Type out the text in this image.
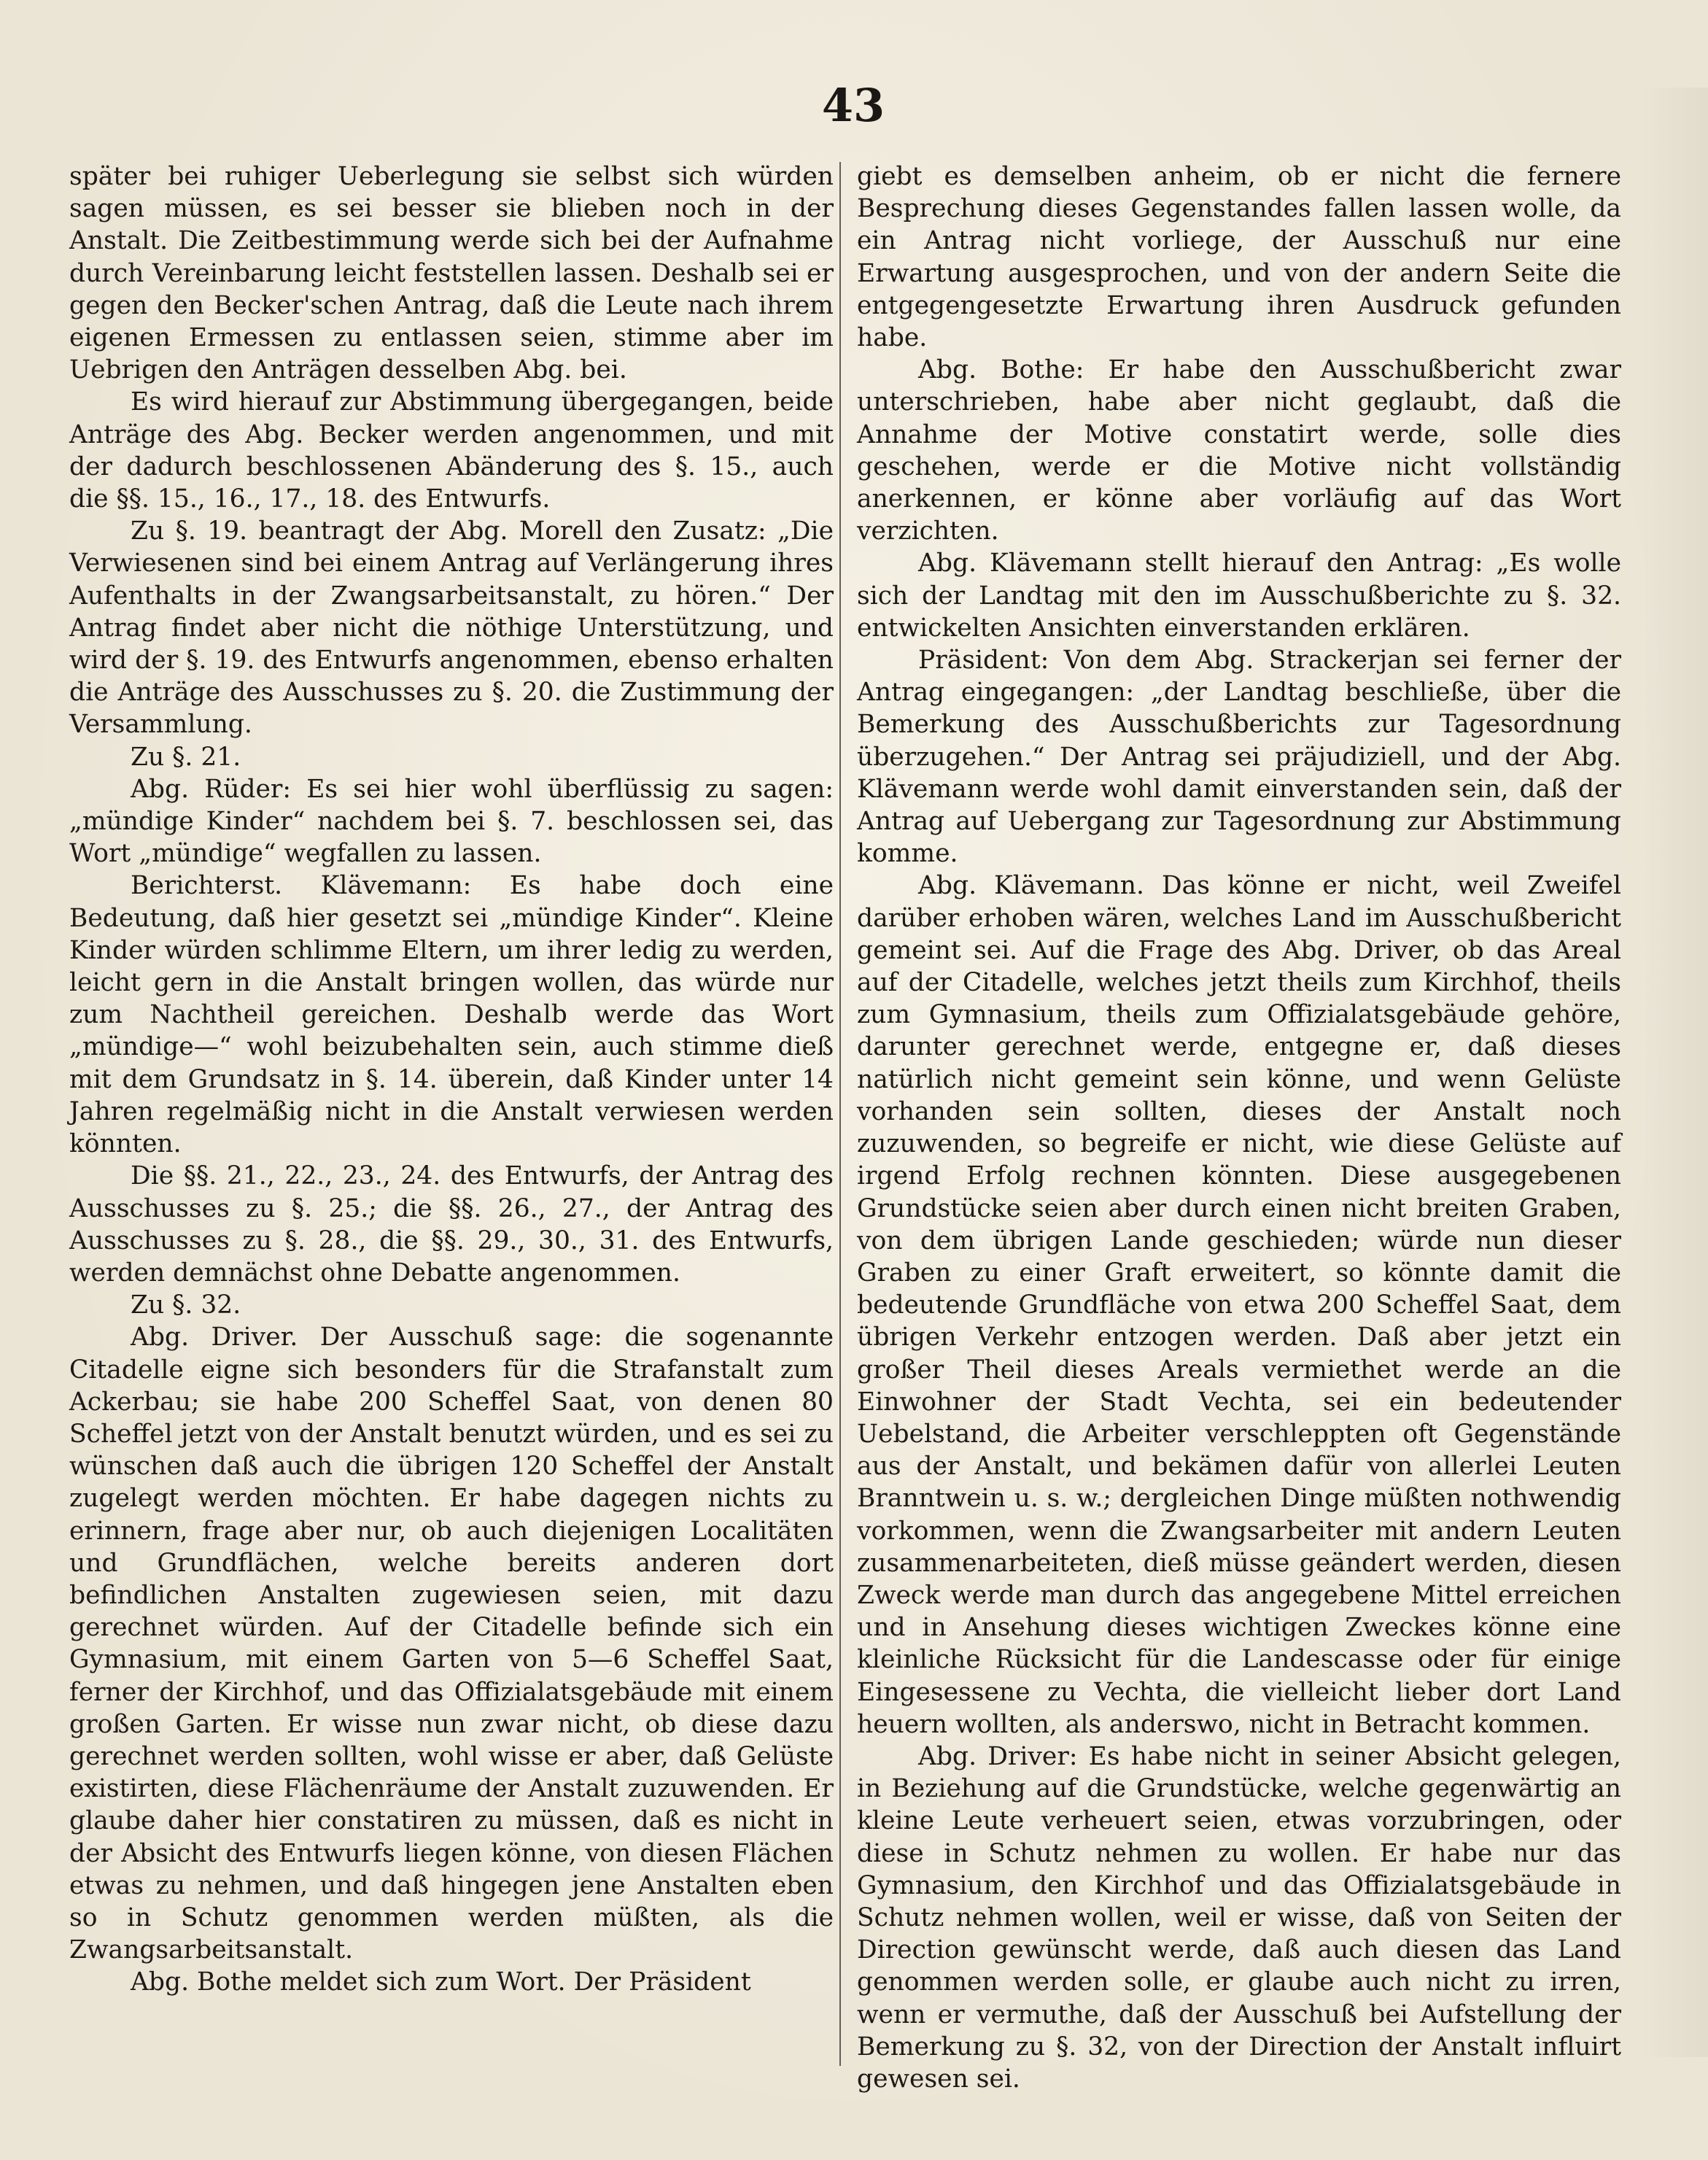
43

später bei ruhiger Ueberlegung sie selbst sich würden sagen müssen, es sei besser sie blieben noch in der Anstalt. Die Zeitbestimmung werde sich bei der Aufnahme durch Vereinbarung leicht feststellen lassen. Deshalb sei er gegen den Becker'schen Antrag, daß die Leute nach ihrem eigenen Ermessen zu entlassen seien, stimme aber im Uebrigen den Anträgen desselben Abg. bei.

Es wird hierauf zur Abstimmung übergegangen, beide Anträge des Abg. Becker werden angenommen, und mit der dadurch beschlossenen Abänderung des §. 15., auch die §§. 15., 16., 17., 18. des Entwurfs.

Zu §. 19. beantragt der Abg. Morell den Zusatz: „Die Verwiesenen sind bei einem Antrag auf Verlängerung ihres Aufenthalts in der Zwangsarbeitsanstalt, zu hören.“ Der Antrag findet aber nicht die nöthige Unterstützung, und wird der §. 19. des Entwurfs angenommen, ebenso erhalten die Anträge des Ausschusses zu §. 20. die Zustimmung der Versammlung.

Zu §. 21.

Abg. Rüder: Es sei hier wohl überflüssig zu sagen: „mündige Kinder“ nachdem bei §. 7. beschlossen sei, das Wort „mündige“ wegfallen zu lassen.

Berichterst. Klävemann: Es habe doch eine Bedeutung, daß hier gesetzt sei „mündige Kinder“. Kleine Kinder würden schlimme Eltern, um ihrer ledig zu werden, leicht gern in die Anstalt bringen wollen, das würde nur zum Nachtheil gereichen. Deshalb werde das Wort „mündige—“ wohl beizubehalten sein, auch stimme dieß mit dem Grundsatz in §. 14. überein, daß Kinder unter 14 Jahren regelmäßig nicht in die Anstalt verwiesen werden könnten.

Die §§. 21., 22., 23., 24. des Entwurfs, der Antrag des Ausschusses zu §. 25.; die §§. 26., 27., der Antrag des Ausschusses zu §. 28., die §§. 29., 30., 31. des Entwurfs, werden demnächst ohne Debatte angenommen.

Zu §. 32.

Abg. Driver. Der Ausschuß sage: die sogenannte Citadelle eigne sich besonders für die Strafanstalt zum Ackerbau; sie habe 200 Scheffel Saat, von denen 80 Scheffel jetzt von der Anstalt benutzt würden, und es sei zu wünschen daß auch die übrigen 120 Scheffel der Anstalt zugelegt werden möchten. Er habe dagegen nichts zu erinnern, frage aber nur, ob auch diejenigen Localitäten und Grundflächen, welche bereits anderen dort befindlichen Anstalten zugewiesen seien, mit dazu gerechnet würden. Auf der Citadelle befinde sich ein Gymnasium, mit einem Garten von 5—6 Scheffel Saat, ferner der Kirchhof, und das Offizialatsgebäude mit einem großen Garten. Er wisse nun zwar nicht, ob diese dazu gerechnet werden sollten, wohl wisse er aber, daß Gelüste existirten, diese Flächenräume der Anstalt zuzuwenden. Er glaube daher hier constatiren zu müssen, daß es nicht in der Absicht des Entwurfs liegen könne, von diesen Flächen etwas zu nehmen, und daß hingegen jene Anstalten eben so in Schutz genommen werden müßten, als die Zwangsarbeitsanstalt.

Abg. Bothe meldet sich zum Wort. Der Präsident

giebt es demselben anheim, ob er nicht die fernere Besprechung dieses Gegenstandes fallen lassen wolle, da ein Antrag nicht vorliege, der Ausschuß nur eine Erwartung ausgesprochen, und von der andern Seite die entgegengesetzte Erwartung ihren Ausdruck gefunden habe.

Abg. Bothe: Er habe den Ausschußbericht zwar unterschrieben, habe aber nicht geglaubt, daß die Annahme der Motive constatirt werde, solle dies geschehen, werde er die Motive nicht vollständig anerkennen, er könne aber vorläufig auf das Wort verzichten.

Abg. Klävemann stellt hierauf den Antrag: „Es wolle sich der Landtag mit den im Ausschußberichte zu §. 32. entwickelten Ansichten einverstanden erklären.

Präsident: Von dem Abg. Strackerjan sei ferner der Antrag eingegangen: „der Landtag beschließe, über die Bemerkung des Ausschußberichts zur Tagesordnung überzugehen.“ Der Antrag sei präjudiziell, und der Abg. Klävemann werde wohl damit einverstanden sein, daß der Antrag auf Uebergang zur Tagesordnung zur Abstimmung komme.

Abg. Klävemann. Das könne er nicht, weil Zweifel darüber erhoben wären, welches Land im Ausschußbericht gemeint sei. Auf die Frage des Abg. Driver, ob das Areal auf der Citadelle, welches jetzt theils zum Kirchhof, theils zum Gymnasium, theils zum Offizialatsgebäude gehöre, darunter gerechnet werde, entgegne er, daß dieses natürlich nicht gemeint sein könne, und wenn Gelüste vorhanden sein sollten, dieses der Anstalt noch zuzuwenden, so begreife er nicht, wie diese Gelüste auf irgend Erfolg rechnen könnten. Diese ausgegebenen Grundstücke seien aber durch einen nicht breiten Graben, von dem übrigen Lande geschieden; würde nun dieser Graben zu einer Graft erweitert, so könnte damit die bedeutende Grundfläche von etwa 200 Scheffel Saat, dem übrigen Verkehr entzogen werden. Daß aber jetzt ein großer Theil dieses Areals vermiethet werde an die Einwohner der Stadt Vechta, sei ein bedeutender Uebelstand, die Arbeiter verschleppten oft Gegenstände aus der Anstalt, und bekämen dafür von allerlei Leuten Branntwein u. s. w.; dergleichen Dinge müßten nothwendig vorkommen, wenn die Zwangsarbeiter mit andern Leuten zusammenarbeiteten, dieß müsse geändert werden, diesen Zweck werde man durch das angegebene Mittel erreichen und in Ansehung dieses wichtigen Zweckes könne eine kleinliche Rücksicht für die Landescasse oder für einige Eingesessene zu Vechta, die vielleicht lieber dort Land heuern wollten, als anderswo, nicht in Betracht kommen.

Abg. Driver: Es habe nicht in seiner Absicht gelegen, in Beziehung auf die Grundstücke, welche gegenwärtig an kleine Leute verheuert seien, etwas vorzubringen, oder diese in Schutz nehmen zu wollen. Er habe nur das Gymnasium, den Kirchhof und das Offizialatsgebäude in Schutz nehmen wollen, weil er wisse, daß von Seiten der Direction gewünscht werde, daß auch diesen das Land genommen werden solle, er glaube auch nicht zu irren, wenn er vermuthe, daß der Ausschuß bei Aufstellung der Bemerkung zu §. 32, von der Direction der Anstalt influirt gewesen sei.
